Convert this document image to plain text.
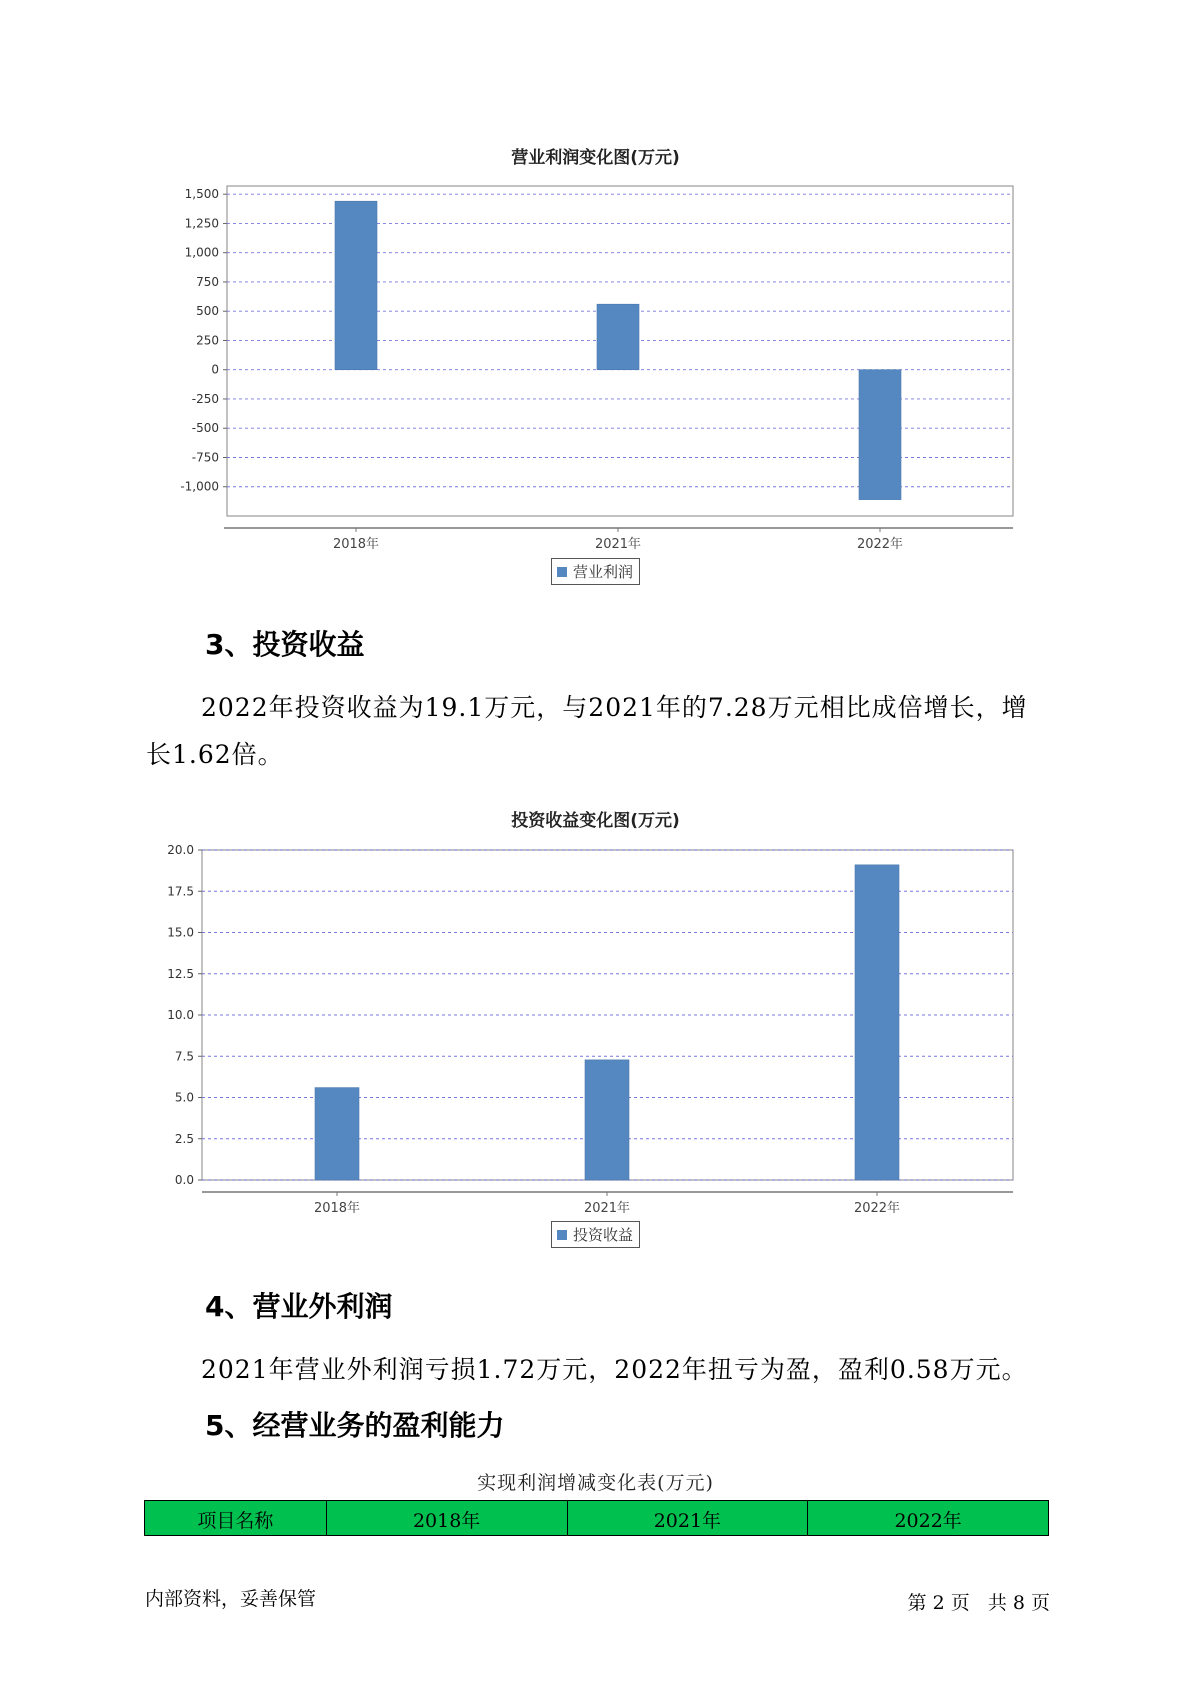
营业利润变化图(万元)
1,500
1,250
1,000
750
500
250
0
-250
-500
-750
-1,000
2018年	2021年	2022年
营业利润
3、投资收益
2022年投资收益为19.1万元，与2021年的7.28万元相比成倍增长，增
长1.62倍。
投资收益变化图(万元)
20.0
17.5
15.0
12.5
10.0
7.5
5.0
2.5
0.0
2018年	2021年	2022年
投资收益
4、营业外利润
2021年营业外利润亏损1.72万元，2022年扭亏为盈，盈利0.58万元。
5、经营业务的盈利能力
实现利润增减变化表(万元)
项目名称	2018年	2021年	2022年
内部资料，妥善保管	第 2 页   共 8 页
